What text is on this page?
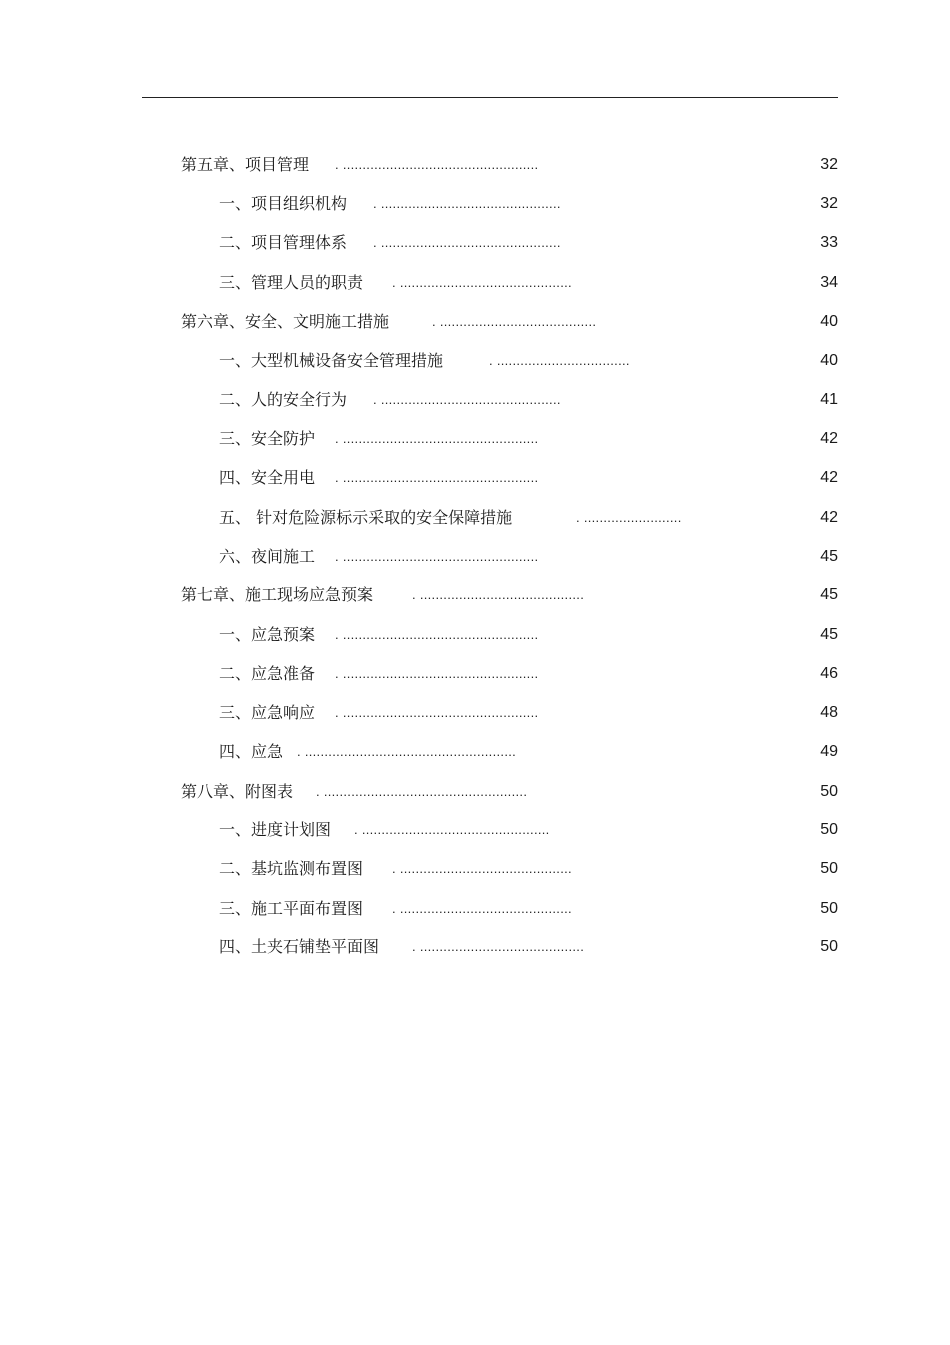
第五章、项目管理 . ..................................................	32
一、项目组织机构 . ..............................................	32
二、项目管理体系 . ..............................................	33
三、管理人员的职责 . ............................................	34
第六章、安全、文明施工措施	. ........................................	40
一、大型机械设备安全管理措施	. ..................................	40
二、人的安全行为 . ..............................................	41
三、安全防护 . ..................................................	42
四、安全用电 . ..................................................	42
五、 针对危险源标示采取的安全保障措施	. .........................	42
六、夜间施工 . ..................................................	45
第七章、施工现场应急预案	. ..........................................	45
一、应急预案 . ..................................................	45
二、应急准备 . ..................................................	46
三、应急响应 . ..................................................	48
四、应急 . ......................................................	49
第八章、附图表 . ....................................................	50
一、进度计划图 . ................................................	50
二、基坑监测布置图 . ............................................	50
三、施工平面布置图 . ............................................	50
四、土夹石铺垫平面图	. ..........................................	50
